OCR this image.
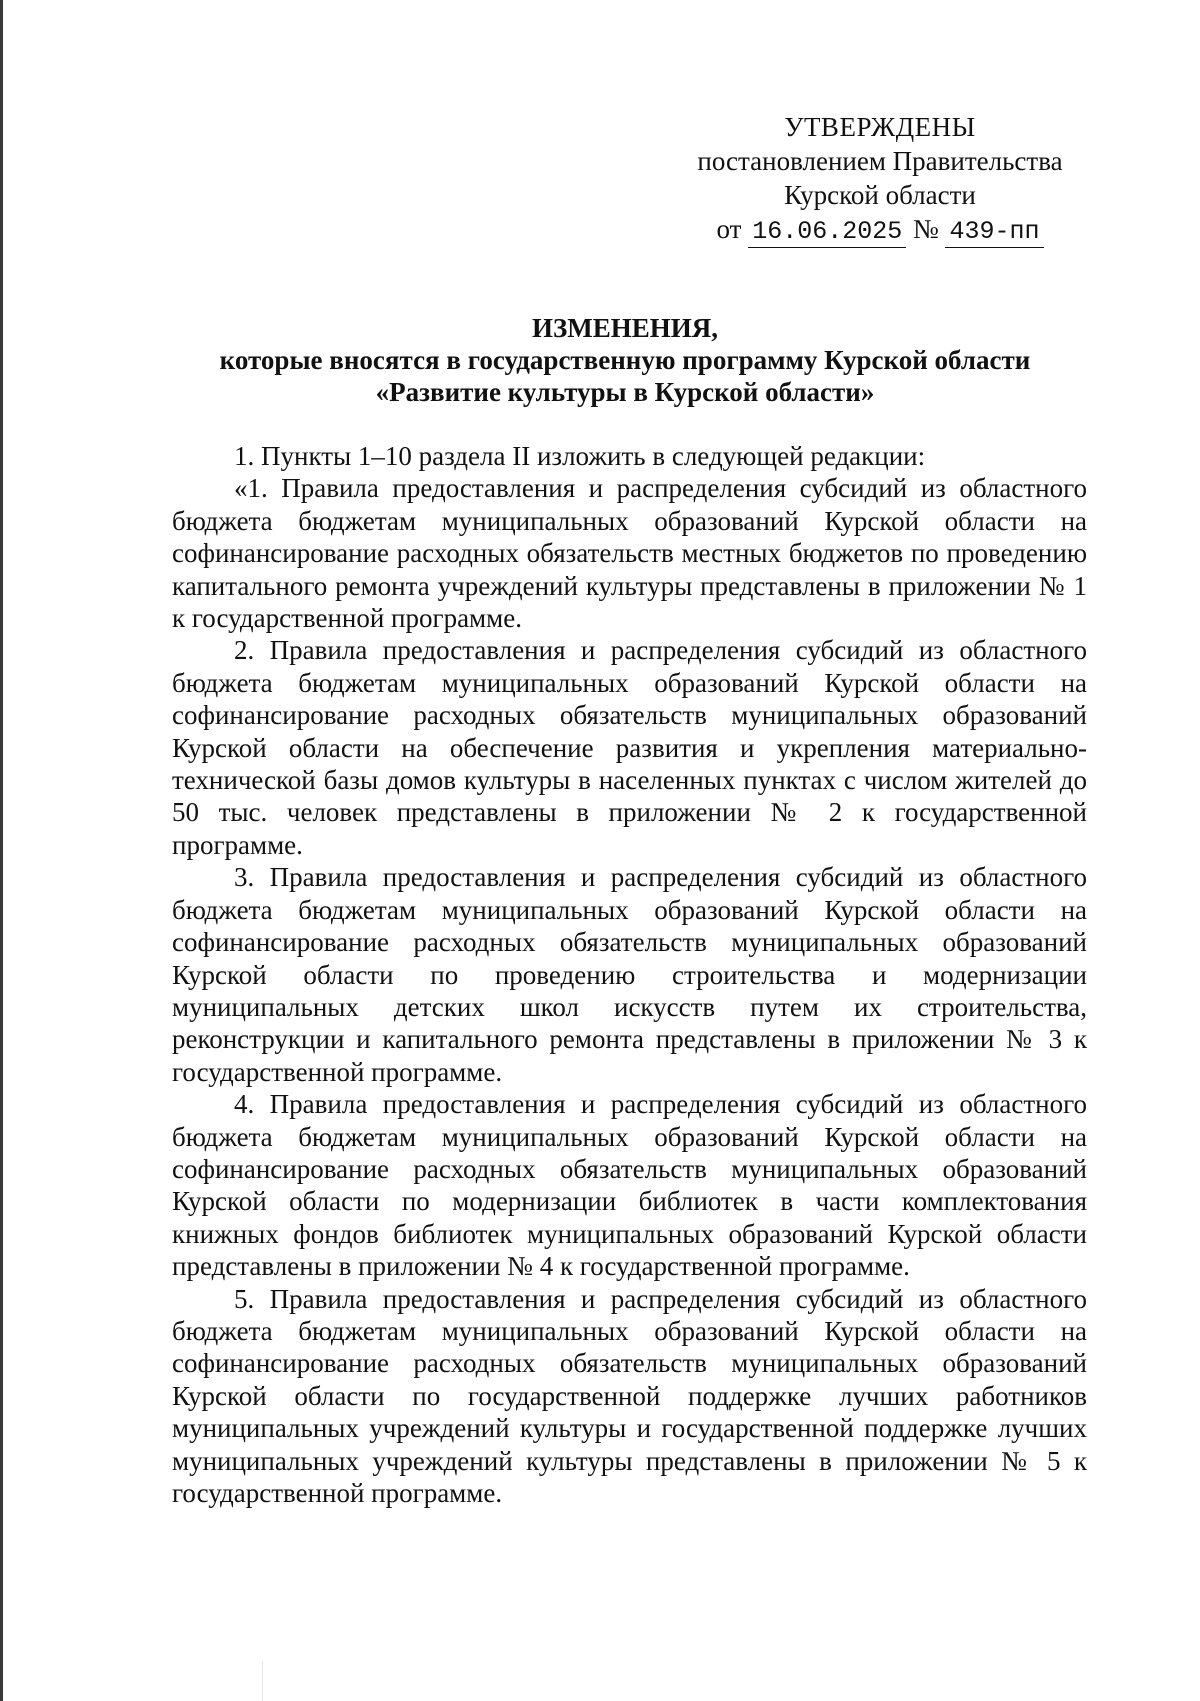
УТВЕРЖДЕНЫ
постановлением Правительства
Курской области
от 16.06.2025 № 439-пп
ИЗМЕНЕНИЯ,
которые вносятся в государственную программу Курской области
«Развитие культуры в Курской области»

1. Пункты 1–10 раздела II изложить в следующей редакции:

«1. Правила предоставления и распределения субсидий из областного бюджета бюджетам муниципальных образований Курской области на софинансирование расходных обязательств местных бюджетов по проведению капитального ремонта учреждений культуры представлены в приложении № 1 к государственной программе.

2. Правила предоставления и распределения субсидий из областного бюджета бюджетам муниципальных образований Курской области на софинансирование расходных обязательств муниципальных образований Курской области на обеспечение развития и укрепления материально-технической базы домов культуры в населенных пунктах с числом жителей до 50 тыс. человек представлены в приложении № 2 к государственной программе.

3. Правила предоставления и распределения субсидий из областного бюджета бюджетам муниципальных образований Курской области на софинансирование расходных обязательств муниципальных образований Курской области по проведению строительства и модернизации муниципальных детских школ искусств путем их строительства, реконструкции и капитального ремонта представлены в приложении № 3 к государственной программе.

4. Правила предоставления и распределения субсидий из областного бюджета бюджетам муниципальных образований Курской области на софинансирование расходных обязательств муниципальных образований Курской области по модернизации библиотек в части комплектования книжных фондов библиотек муниципальных образований Курской области представлены в приложении № 4 к государственной программе.

5. Правила предоставления и распределения субсидий из областного бюджета бюджетам муниципальных образований Курской области на софинансирование расходных обязательств муниципальных образований Курской области по государственной поддержке лучших работников муниципальных учреждений культуры и государственной поддержке лучших муниципальных учреждений культуры представлены в приложении № 5 к государственной программе.
